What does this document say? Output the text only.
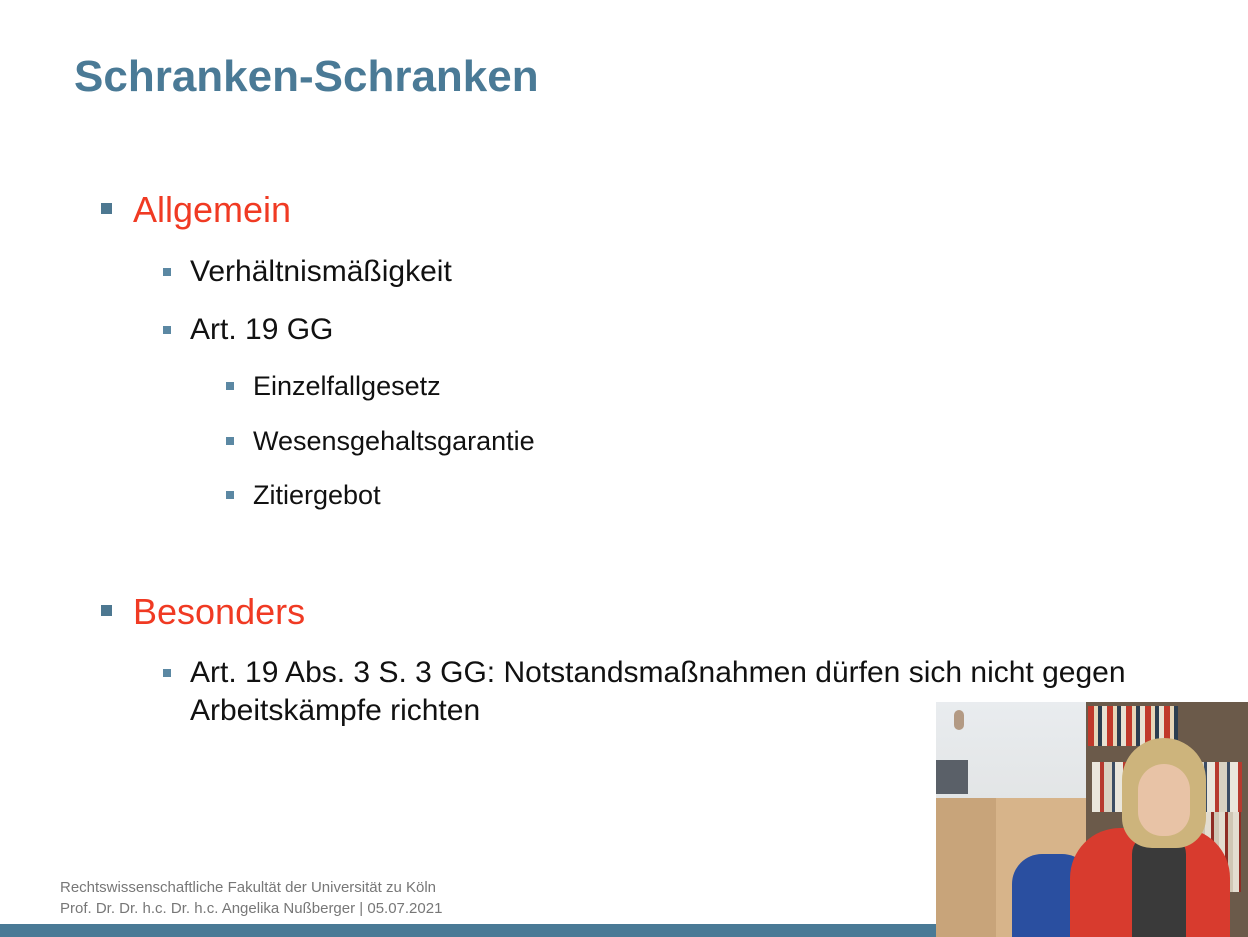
Schranken-Schranken
Allgemein
Verhältnismäßigkeit
Art. 19 GG
Einzelfallgesetz
Wesensgehaltsgarantie
Zitiergebot
Besonders
Art. 19 Abs. 3 S. 3 GG: Notstandsmaßnahmen dürfen sich nicht gegen Arbeitskämpfe richten
Rechtswissenschaftliche Fakultät der Universität zu Köln
Prof. Dr. Dr. h.c. Dr. h.c. Angelika Nußberger | 05.07.2021
